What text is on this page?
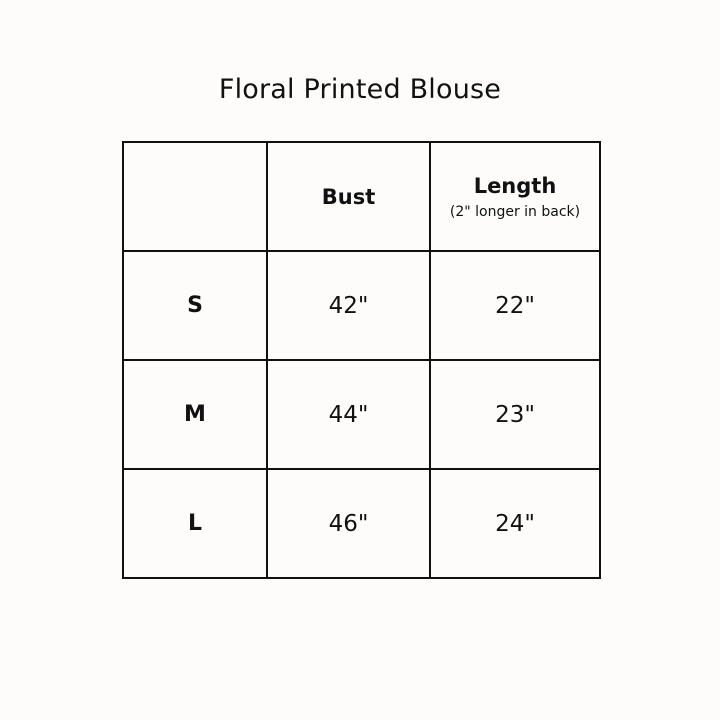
Floral Printed Blouse

	Bust	Length
(2" longer in back)

S	42"	22"
M	44"	23"
L	46"	24"
